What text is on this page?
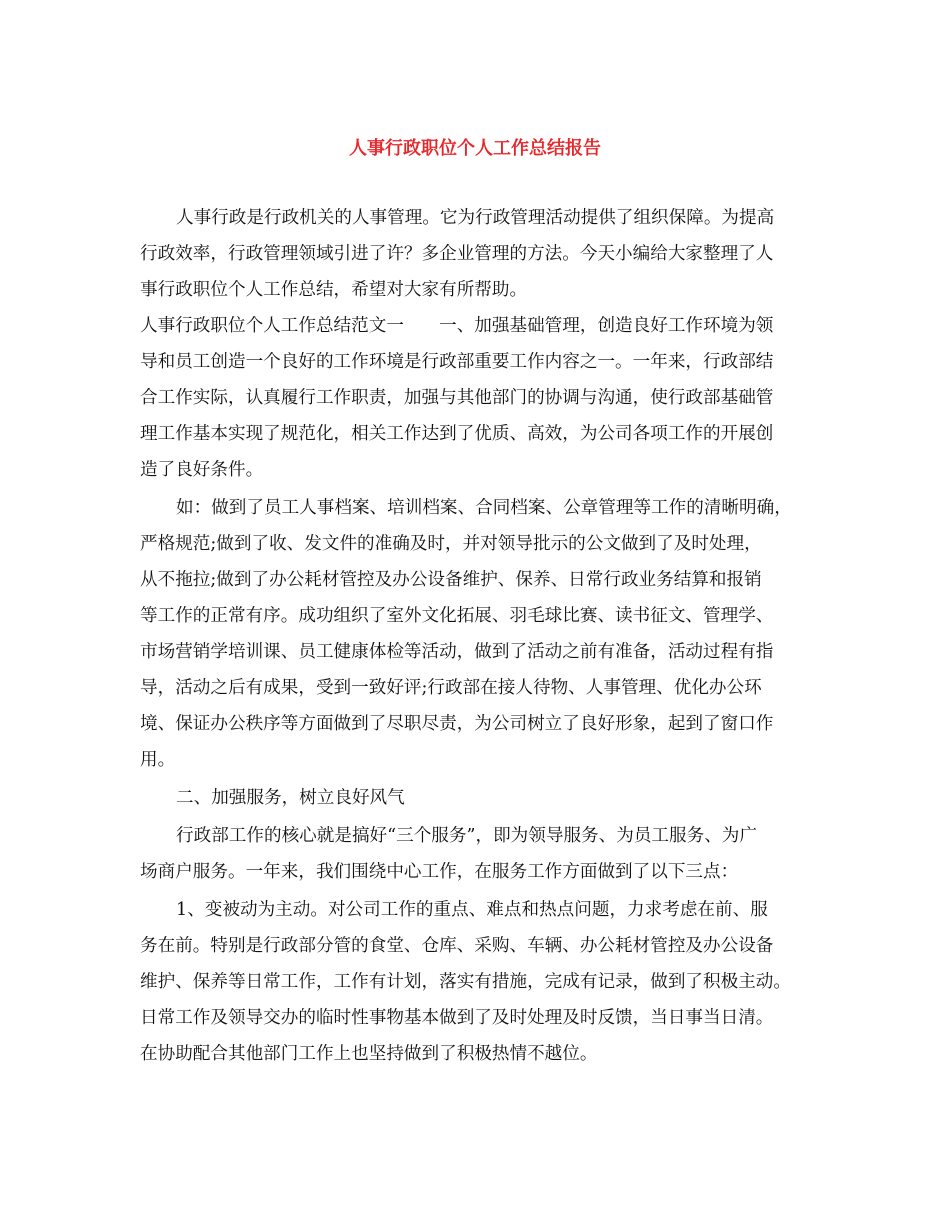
人事行政职位个人工作总结报告

人事行政是行政机关的人事管理。它为行政管理活动提供了组织保障。为提高

行政效率，行政管理领域引进了许？多企业管理的方法。今天小编给大家整理了人

事行政职位个人工作总结，希望对大家有所帮助。

人事行政职位个人工作总结范文一　　一、加强基础管理，创造良好工作环境为领

导和员工创造一个良好的工作环境是行政部重要工作内容之一。一年来，行政部结

合工作实际，认真履行工作职责，加强与其他部门的协调与沟通，使行政部基础管

理工作基本实现了规范化，相关工作达到了优质、高效，为公司各项工作的开展创

造了良好条件。

如：做到了员工人事档案、培训档案、合同档案、公章管理等工作的清晰明确，

严格规范;做到了收、发文件的准确及时，并对领导批示的公文做到了及时处理，

从不拖拉;做到了办公耗材管控及办公设备维护、保养、日常行政业务结算和报销

等工作的正常有序。成功组织了室外文化拓展、羽毛球比赛、读书征文、管理学、

市场营销学培训课、员工健康体检等活动，做到了活动之前有准备，活动过程有指

导，活动之后有成果，受到一致好评;行政部在接人待物、人事管理、优化办公环

境、保证办公秩序等方面做到了尽职尽责，为公司树立了良好形象，起到了窗口作

用。

二、加强服务，树立良好风气

行政部工作的核心就是搞好“三个服务”，即为领导服务、为员工服务、为广

场商户服务。一年来，我们围绕中心工作，在服务工作方面做到了以下三点：

1、变被动为主动。对公司工作的重点、难点和热点问题，力求考虑在前、服

务在前。特别是行政部分管的食堂、仓库、采购、车辆、办公耗材管控及办公设备

维护、保养等日常工作，工作有计划，落实有措施，完成有记录，做到了积极主动。

日常工作及领导交办的临时性事物基本做到了及时处理及时反馈，当日事当日清。

在协助配合其他部门工作上也坚持做到了积极热情不越位。
